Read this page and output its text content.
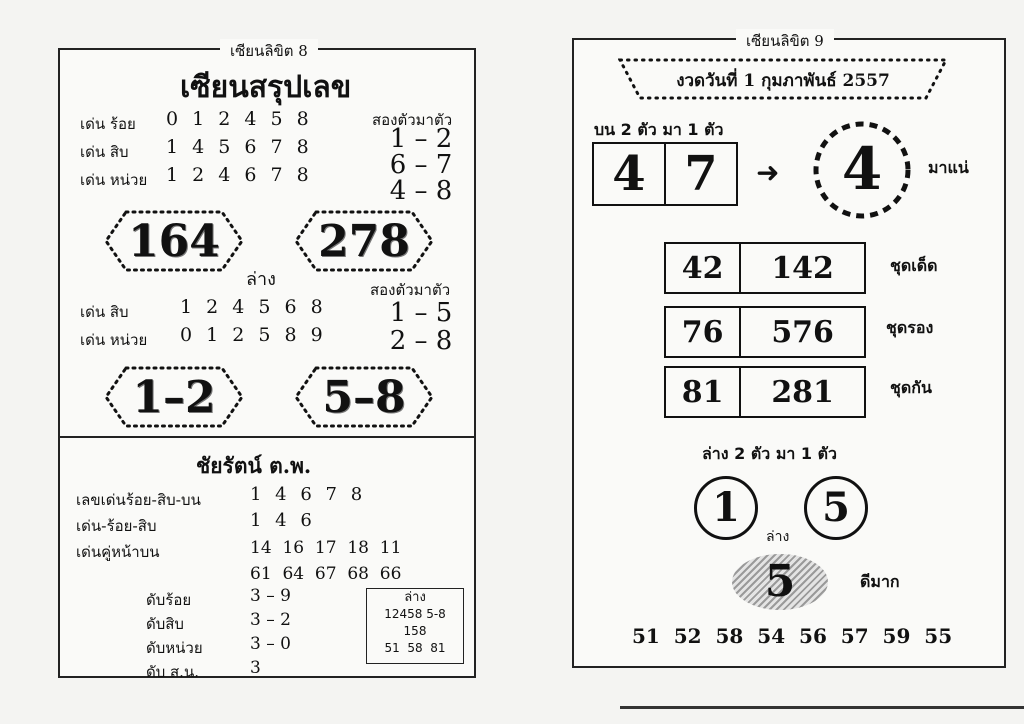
เซียนลิขิต 8
เซียนสรุปเลข
เด่น ร้อย 0 1 2 4 5 8
เด่น สิบ 1 4 5 6 7 8
เด่น หน่วย 1 2 4 6 7 8
สองตัวมาตัว
1 – 2
6 – 7
4 – 8
164 278
ล่าง
เด่น สิบ	1 2 4 5 6 8
เด่น หน่วย 0 1 2 5 8 9
สองตัวมาตัว
1 – 5
2 – 8
1–2 5–8
ชัยรัตน์ ต.พ.
เลขเด่นร้อย-สิบ-บน	1 4 6 7 8
เด่น-ร้อย-สิบ	1 4 6
เด่นคู่หน้าบน	14  16  17  18  11
61  64  67  68  66
ดับร้อย	3 – 9
ดับสิบ	3 – 2
ดับหน่วย	3 – 0
ดับ ส.น.	3
ล่าง
12458 5-8
158
51  58  81
เซียนลิขิต 9
งวดวันที่ 1 กุมภาพันธ์ 2557
บน 2 ตัว มา 1 ตัว
4 7	➜	4	มาแน่
42	142	ชุดเด็ด
76	576	ชุดรอง
81	281	ชุดกัน
ล่าง 2 ตัว มา 1 ตัว
1	5
ล่าง
5	ดีมาก
51  52  58  54  56  57  59  55
